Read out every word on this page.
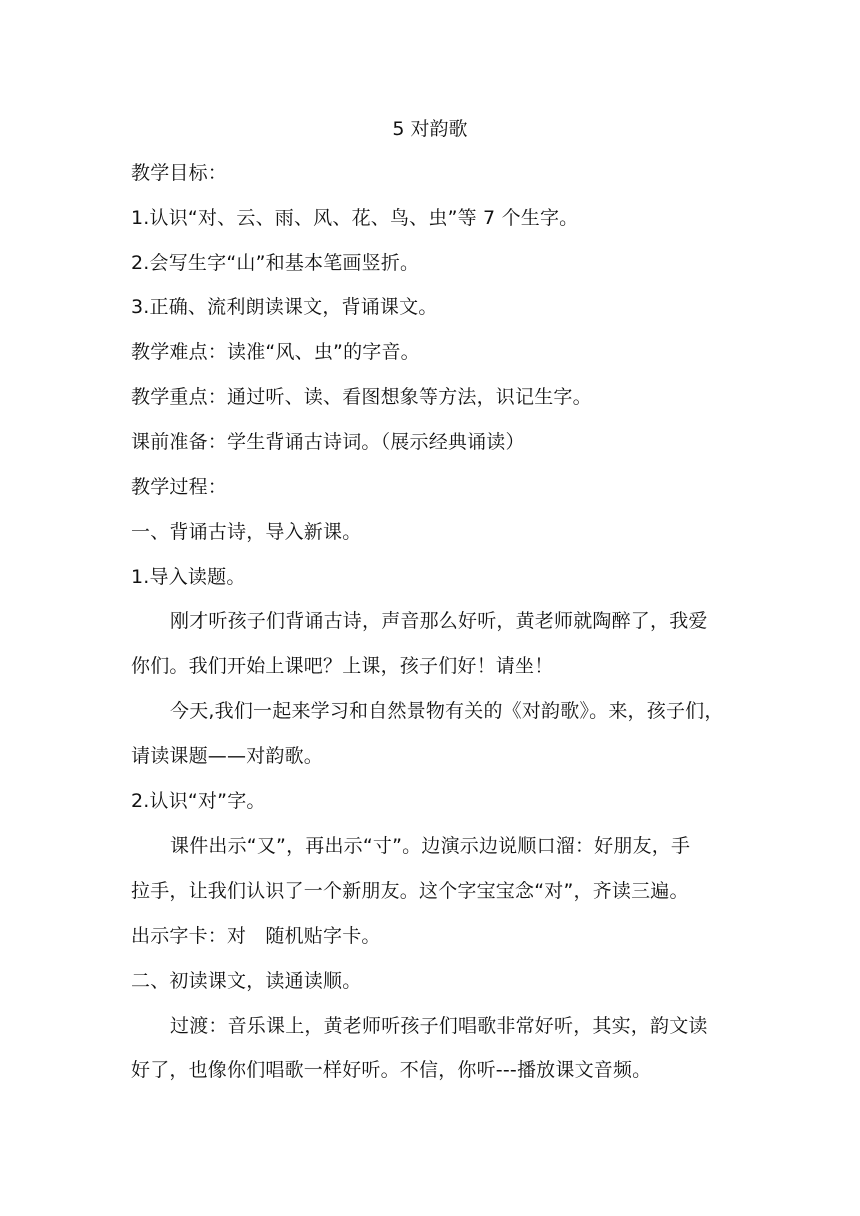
5 对韵歌
教学目标：
1.认识“对、云、雨、风、花、鸟、虫”等 7 个生字。
2.会写生字“山”和基本笔画竖折。
3.正确、流利朗读课文，背诵课文。
教学难点：读准“风、虫”的字音。
教学重点：通过听、读、看图想象等方法，识记生字。
课前准备：学生背诵古诗词。（展示经典诵读）
教学过程：
一、背诵古诗，导入新课。
1.导入读题。
刚才听孩子们背诵古诗，声音那么好听，黄老师就陶醉了，我爱
你们。我们开始上课吧？上课，孩子们好！请坐！
今天,我们一起来学习和自然景物有关的《对韵歌》。来，孩子们，
请读课题——对韵歌。
2.认识“对”字。
课件出示“又”，再出示“寸”。边演示边说顺口溜：好朋友，手
拉手，让我们认识了一个新朋友。这个字宝宝念“对”，齐读三遍。
出示字卡：对　随机贴字卡。
二、初读课文，读通读顺。
过渡：音乐课上，黄老师听孩子们唱歌非常好听，其实，韵文读
好了，也像你们唱歌一样好听。不信，你听---播放课文音频。
